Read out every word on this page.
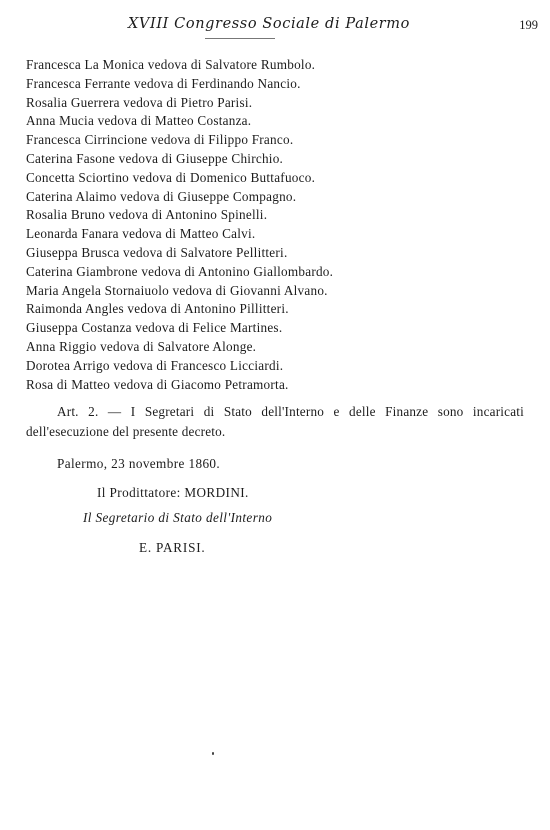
XVIII Congresso Sociale di Palermo	199
Francesca La Monica vedova di Salvatore Rumbolo.
Francesca Ferrante vedova di Ferdinando Nancio.
Rosalia Guerrera vedova di Pietro Parisi.
Anna Mucia vedova di Matteo Costanza.
Francesca Cirrincione vedova di Filippo Franco.
Caterina Fasone vedova di Giuseppe Chirchio.
Concetta Sciortino vedova di Domenico Buttafuoco.
Caterina Alaimo vedova di Giuseppe Compagno.
Rosalia Bruno vedova di Antonino Spinelli.
Leonarda Fanara vedova di Matteo Calvi.
Giuseppa Brusca vedova di Salvatore Pellitteri.
Caterina Giambrone vedova di Antonino Giallombardo.
Maria Angela Stornaiuolo vedova di Giovanni Alvano.
Raimonda Angles vedova di Antonino Pillitteri.
Giuseppa Costanza vedova di Felice Martines.
Anna Riggio vedova di Salvatore Alonge.
Dorotea Arrigo vedova di Francesco Licciardi.
Rosa di Matteo vedova di Giacomo Petramorta.

Art. 2. — I Segretari di Stato dell'Interno e delle Finanze sono incaricati dell'esecuzione del presente decreto.

Palermo, 23 novembre 1860.
Il Prodittatore: MORDINI.
Il Segretario di Stato dell'Interno
E. PARISI.
